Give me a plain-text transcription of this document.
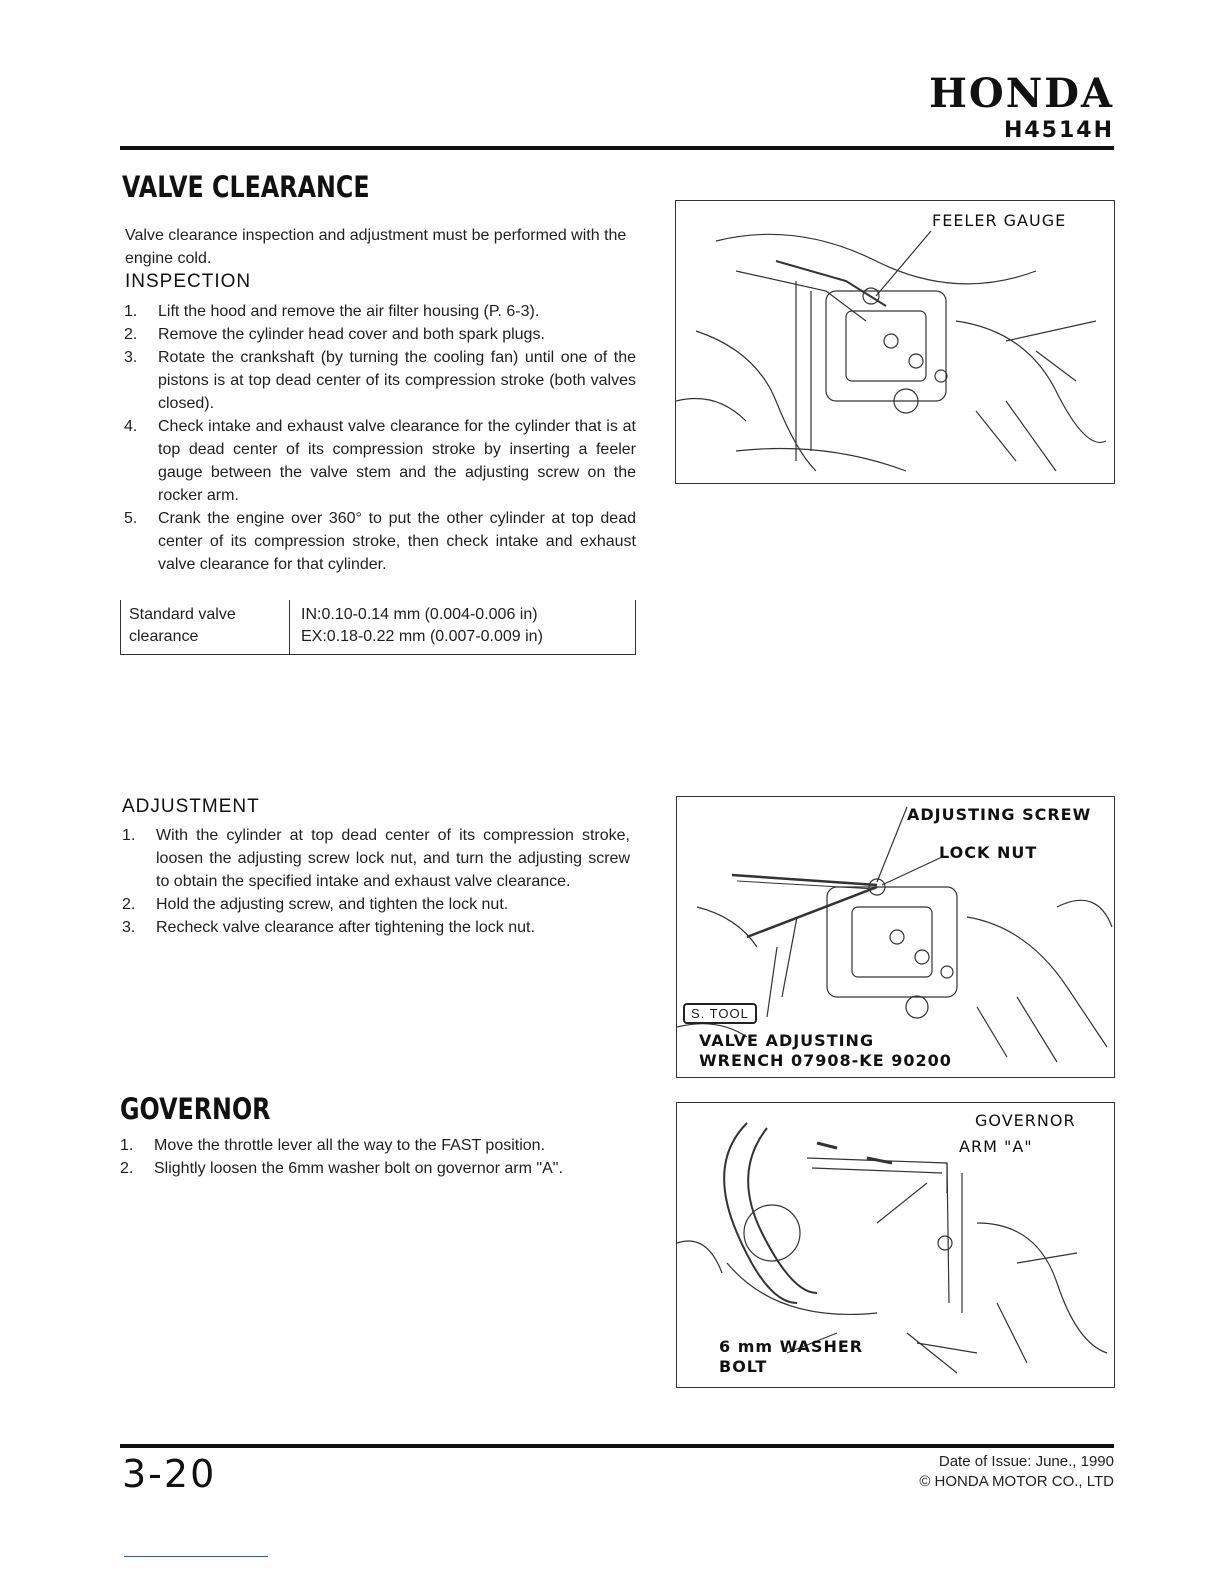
HONDA
H4514H
VALVE CLEARANCE
Valve clearance inspection and adjustment must be performed with the engine cold.
INSPECTION
1. Lift the hood and remove the air filter housing (P. 6-3).
2. Remove the cylinder head cover and both spark plugs.
3. Rotate the crankshaft (by turning the cooling fan) until one of the pistons is at top dead center of its compression stroke (both valves closed).
4. Check intake and exhaust valve clearance for the cylinder that is at top dead center of its compression stroke by inserting a feeler gauge between the valve stem and the adjusting screw on the rocker arm.
5. Crank the engine over 360° to put the other cylinder at top dead center of its compression stroke, then check intake and exhaust valve clearance for that cylinder.
Standard valve clearance
IN:0.10-0.14 mm (0.004-0.006 in)
EX:0.18-0.22 mm (0.007-0.009 in)
ADJUSTMENT
1. With the cylinder at top dead center of its compression stroke, loosen the adjusting screw lock nut, and turn the adjusting screw to obtain the specified intake and exhaust valve clearance.
2. Hold the adjusting screw, and tighten the lock nut.
3. Recheck valve clearance after tightening the lock nut.
GOVERNOR
1. Move the throttle lever all the way to the FAST position.
2. Slightly loosen the 6mm washer bolt on governor arm "A".
FEELER GAUGE
ADJUSTING SCREW
LOCK NUT
S. TOOL
VALVE ADJUSTING
WRENCH 07908-KE 90200
GOVERNOR
ARM "A"
6 mm WASHER
BOLT
3-20	Date of Issue: June., 1990
© HONDA MOTOR CO., LTD
